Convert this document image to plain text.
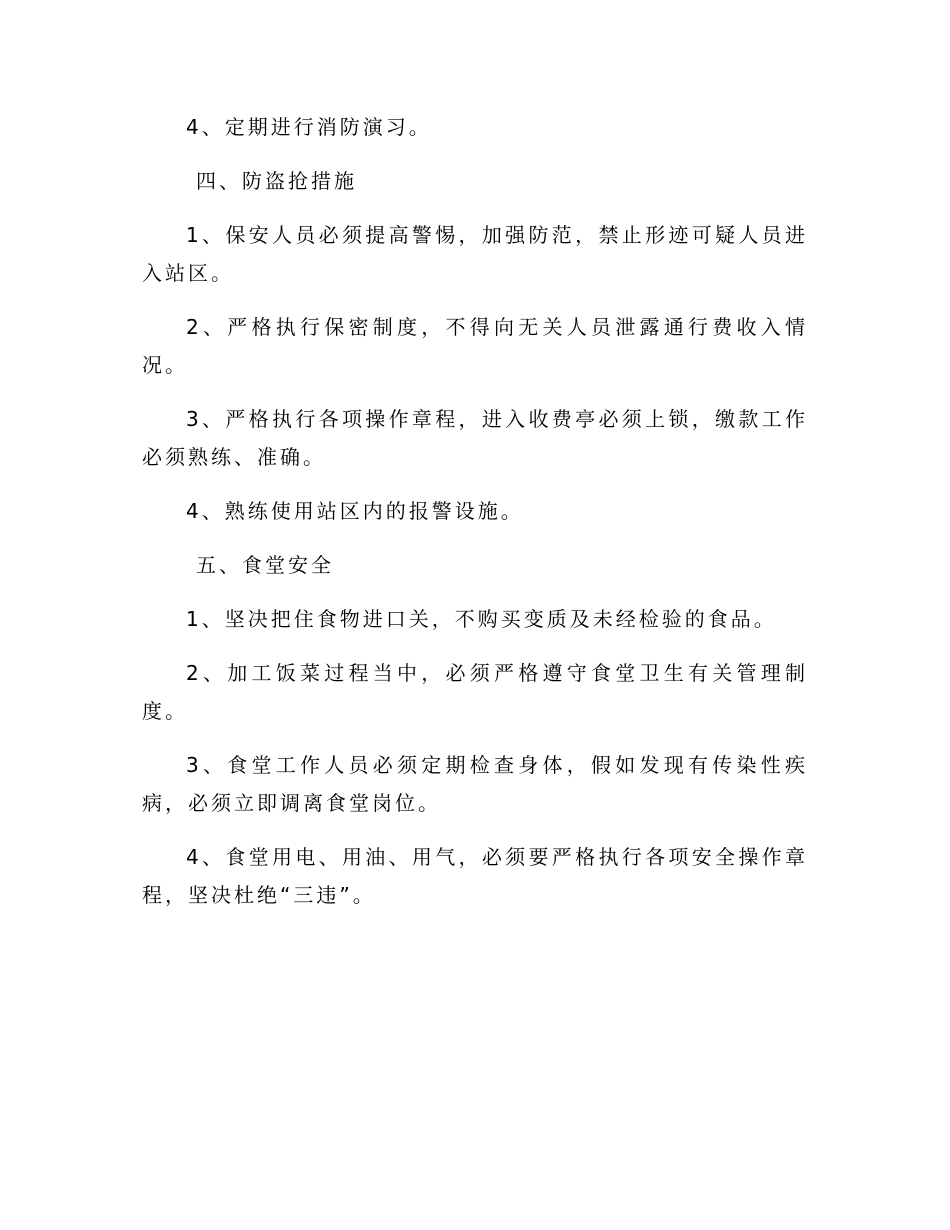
4、定期进行消防演习。

四、防盗抢措施

1、保安人员必须提高警惕，加强防范，禁止形迹可疑人员进入站区。

2、严格执行保密制度，不得向无关人员泄露通行费收入情况。

3、严格执行各项操作章程，进入收费亭必须上锁，缴款工作必须熟练、准确。

4、熟练使用站区内的报警设施。

五、食堂安全

1、坚决把住食物进口关，不购买变质及未经检验的食品。

2、加工饭菜过程当中，必须严格遵守食堂卫生有关管理制度。

3、食堂工作人员必须定期检查身体，假如发现有传染性疾病，必须立即调离食堂岗位。

4、食堂用电、用油、用气，必须要严格执行各项安全操作章程，坚决杜绝“三违”。
